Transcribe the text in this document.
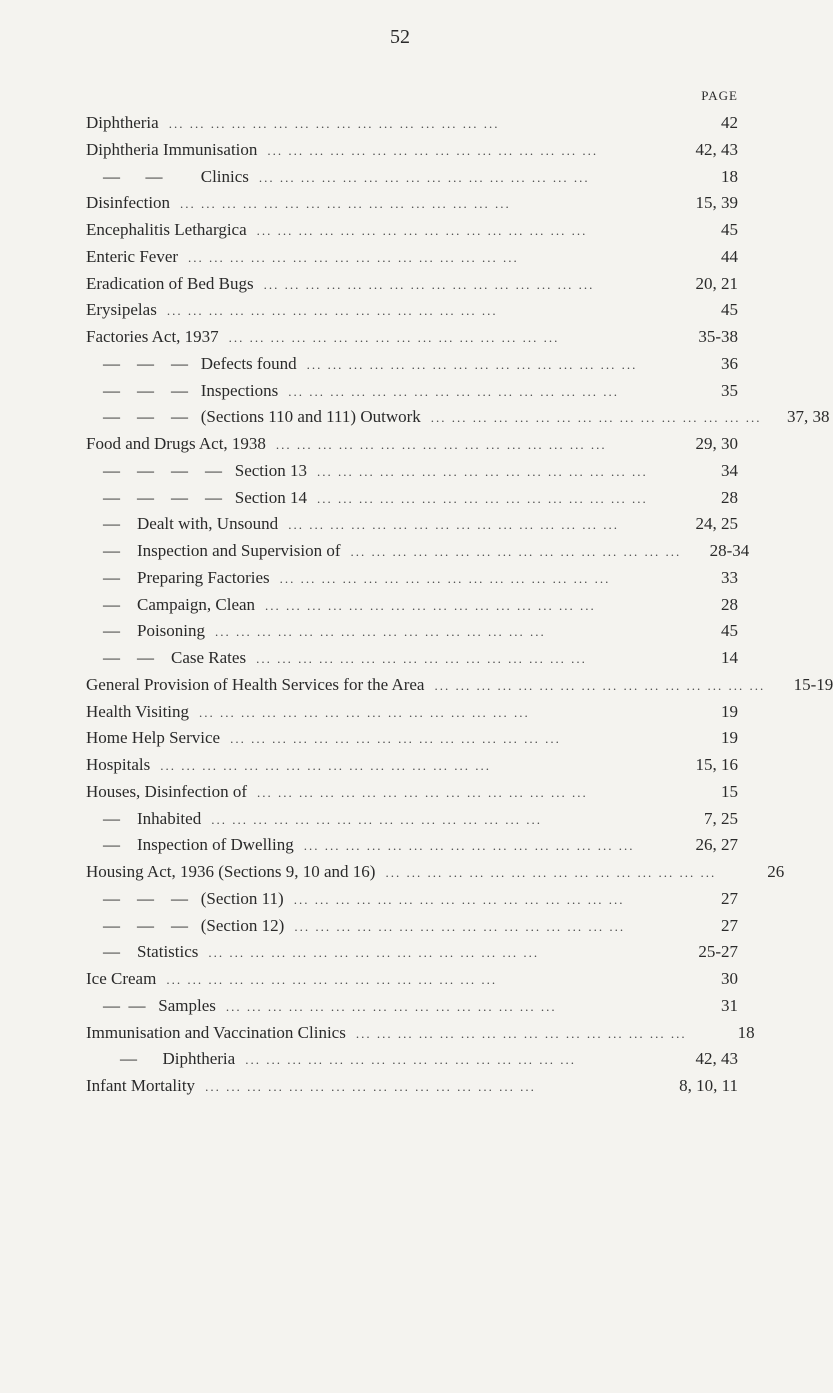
52
PAGE
Diphtheria ... ... ... ... ... ... ... ... ... ... ... ... ... ... ... ...	42
Diphtheria Immunisation ... ... ... ... ... ... ... ... ... ... ... ... ... ... ... ...	42, 43
—      —         Clinics ... ... ... ... ... ... ... ... ... ... ... ... ... ... ... ...	18
Disinfection ... ... ... ... ... ... ... ... ... ... ... ... ... ... ... ...	15, 39
Encephalitis Lethargica ... ... ... ... ... ... ... ... ... ... ... ... ... ... ... ...	45
Enteric Fever ... ... ... ... ... ... ... ... ... ... ... ... ... ... ... ...	44
Eradication of Bed Bugs ... ... ... ... ... ... ... ... ... ... ... ... ... ... ... ...	20, 21
Erysipelas ... ... ... ... ... ... ... ... ... ... ... ... ... ... ... ...	45
Factories Act, 1937 ... ... ... ... ... ... ... ... ... ... ... ... ... ... ... ...	35-38
—    —    —   Defects found ... ... ... ... ... ... ... ... ... ... ... ... ... ... ... ...	36
—    —    —   Inspections ... ... ... ... ... ... ... ... ... ... ... ... ... ... ... ...	35
—    —    —   (Sections 110 and 111) Outwork ... ... ... ... ... ... ... ... ... ... ... ... ... ... ... ...	37, 38
Food and Drugs Act, 1938 ... ... ... ... ... ... ... ... ... ... ... ... ... ... ... ...	29, 30
—    —    —    —   Section 13 ... ... ... ... ... ... ... ... ... ... ... ... ... ... ... ...	34
—    —    —    —   Section 14 ... ... ... ... ... ... ... ... ... ... ... ... ... ... ... ...	28
—    Dealt with, Unsound ... ... ... ... ... ... ... ... ... ... ... ... ... ... ... ...	24, 25
—    Inspection and Supervision of ... ... ... ... ... ... ... ... ... ... ... ... ... ... ... ...	28-34
—    Preparing Factories ... ... ... ... ... ... ... ... ... ... ... ... ... ... ... ...	33
—    Campaign, Clean ... ... ... ... ... ... ... ... ... ... ... ... ... ... ... ...	28
—    Poisoning ... ... ... ... ... ... ... ... ... ... ... ... ... ... ... ...	45
—    —    Case Rates ... ... ... ... ... ... ... ... ... ... ... ... ... ... ... ...	14
General Provision of Health Services for the Area ... ... ... ... ... ... ... ... ... ... ... ... ... ... ... ...	15-19
Health Visiting ... ... ... ... ... ... ... ... ... ... ... ... ... ... ... ...	19
Home Help Service ... ... ... ... ... ... ... ... ... ... ... ... ... ... ... ...	19
Hospitals ... ... ... ... ... ... ... ... ... ... ... ... ... ... ... ...	15, 16
Houses, Disinfection of ... ... ... ... ... ... ... ... ... ... ... ... ... ... ... ...	15
—    Inhabited ... ... ... ... ... ... ... ... ... ... ... ... ... ... ... ...	7, 25
—    Inspection of Dwelling ... ... ... ... ... ... ... ... ... ... ... ... ... ... ... ...	26, 27
Housing Act, 1936 (Sections 9, 10 and 16) ... ... ... ... ... ... ... ... ... ... ... ... ... ... ... ...	26
—    —    —   (Section 11) ... ... ... ... ... ... ... ... ... ... ... ... ... ... ... ...	27
—    —    —   (Section 12) ... ... ... ... ... ... ... ... ... ... ... ... ... ... ... ...	27
—    Statistics ... ... ... ... ... ... ... ... ... ... ... ... ... ... ... ...	25-27
Ice Cream ... ... ... ... ... ... ... ... ... ... ... ... ... ... ... ...	30
—  —   Samples ... ... ... ... ... ... ... ... ... ... ... ... ... ... ... ...	31
Immunisation and Vaccination Clinics ... ... ... ... ... ... ... ... ... ... ... ... ... ... ... ...	18
—      Diphtheria ... ... ... ... ... ... ... ... ... ... ... ... ... ... ... ...	42, 43
Infant Mortality ... ... ... ... ... ... ... ... ... ... ... ... ... ... ... ...	8, 10, 11
